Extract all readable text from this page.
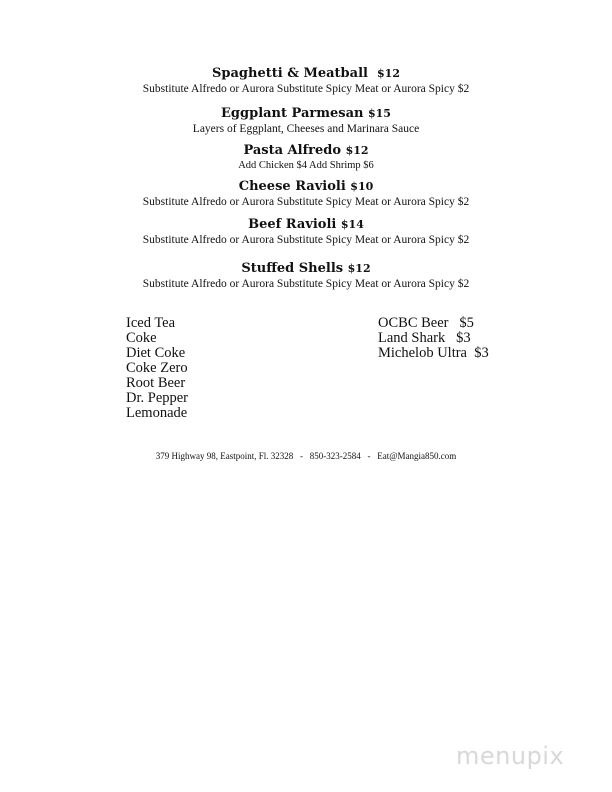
Spaghetti & Meatball $12
Substitute Alfredo or Aurora Substitute Spicy Meat or Aurora Spicy $2
Eggplant Parmesan $15
Layers of Eggplant, Cheeses and Marinara Sauce
Pasta Alfredo $12
Add Chicken $4 Add Shrimp $6
Cheese Ravioli $10
Substitute Alfredo or Aurora Substitute Spicy Meat or Aurora Spicy $2
Beef Ravioli $14
Substitute Alfredo or Aurora Substitute Spicy Meat or Aurora Spicy $2
Stuffed Shells $12
Substitute Alfredo or Aurora Substitute Spicy Meat or Aurora Spicy $2
Iced Tea
Coke
Diet Coke
Coke Zero
Root Beer
Dr. Pepper
Lemonade
OCBC Beer $5
Land Shark $3
Michelob Ultra $3
379 Highway 98, Eastpoint, Fl. 32328 - 850-323-2584 - Eat@Mangia850.com
menupix
